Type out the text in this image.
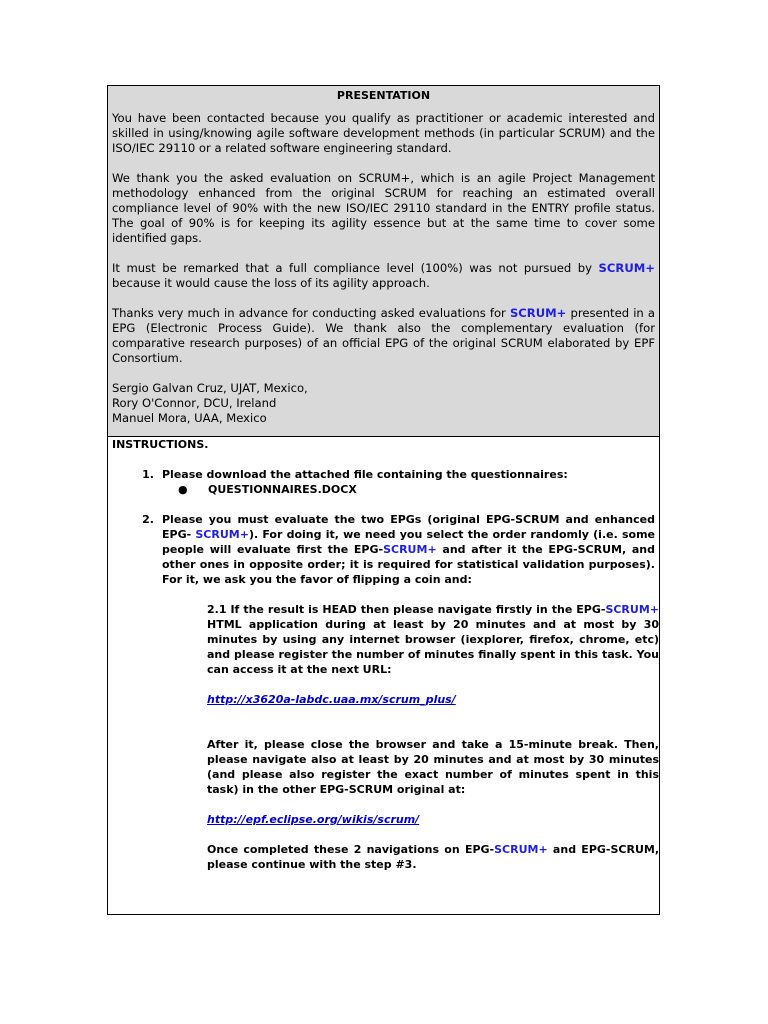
PRESENTATION

You have been contacted because you qualify as practitioner or academic interested and skilled in using/knowing agile software development methods (in particular SCRUM) and the ISO/IEC 29110 or a related software engineering standard.

We thank you the asked evaluation on SCRUM+, which is an agile Project Management methodology enhanced from the original SCRUM for reaching an estimated overall compliance level of 90% with the new ISO/IEC 29110 standard in the ENTRY profile status. The goal of 90% is for keeping its agility essence but at the same time to cover some identified gaps.

It must be remarked that a full compliance level (100%) was not pursued by SCRUM+ because it would cause the loss of its agility approach.

Thanks very much in advance for conducting asked evaluations for SCRUM+ presented in a EPG (Electronic Process Guide). We thank also the complementary evaluation (for comparative research purposes) of an official EPG of the original SCRUM elaborated by EPF Consortium.

Sergio Galvan Cruz, UJAT, Mexico,
Rory O'Connor, DCU, Ireland
Manuel Mora, UAA, Mexico

INSTRUCTIONS.

1. Please download the attached file containing the questionnaires:
●	QUESTIONNAIRES.DOCX
2. Please you must evaluate the two EPGs (original EPG-SCRUM and enhanced EPG- SCRUM+). For doing it, we need you select the order randomly (i.e. some people will evaluate first the EPG-SCRUM+ and after it the EPG-SCRUM, and other ones in opposite order; it is required for statistical validation purposes). For it, we ask you the favor of flipping a coin and:

2.1 If the result is HEAD then please navigate firstly in the EPG-SCRUM+ HTML application during at least by 20 minutes and at most by 30 minutes by using any internet browser (iexplorer, firefox, chrome, etc) and please register the number of minutes finally spent in this task. You can access it at the next URL:

http://x3620a-labdc.uaa.mx/scrum_plus/

After it, please close the browser and take a 15-minute break. Then, please navigate also at least by 20 minutes and at most by 30 minutes (and please also register the exact number of minutes spent in this task) in the other EPG-SCRUM original at:

http://epf.eclipse.org/wikis/scrum/

Once completed these 2 navigations on EPG-SCRUM+ and EPG-SCRUM, please continue with the step #3.
